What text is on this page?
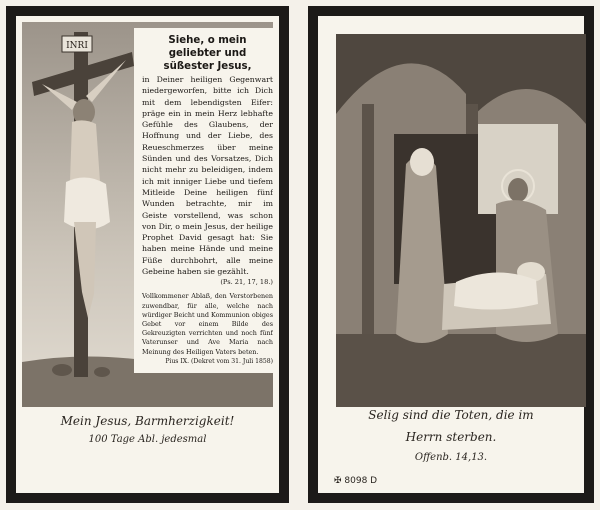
INRI	Siehe, o mein geliebter und süßester Jesus,
in Deiner heiligen Gegenwart niedergeworfen, bitte ich Dich mit dem lebendigsten Eifer: präge ein in mein Herz lebhafte Gefühle des Glaubens, der Hoffnung und der Liebe, des Reueschmerzes über meine Sünden und des Vorsatzes, Dich nicht mehr zu beleidigen, indem ich mit inniger Liebe und tiefem Mitleide Deine heiligen fünf Wunden betrachte, mir im Geiste vorstellend, was schon von Dir, o mein Jesus, der heilige Prophet David gesagt hat: Sie haben meine Hände und meine Füße durchbohrt, alle meine Gebeine haben sie gezählt.
(Ps. 21, 17, 18.)
Vollkommener Ablaß, den Verstorbenen zuwendbar, für alle, welche nach würdiger Beicht und Kommunion obiges Gebet vor einem Bilde des Gekreuzigten verrichten und noch fünf Vaterunser und Ave Maria nach Meinung des Heiligen Vaters beten.
Pius IX. (Dekret vom 31. Juli 1858)
Mein Jesus, Barmherzigkeit!
100 Tage Abl. jedesmal
Selig sind die Toten, die im
Herrn sterben.
Offenb. 14,13.
✠ 8098 D
